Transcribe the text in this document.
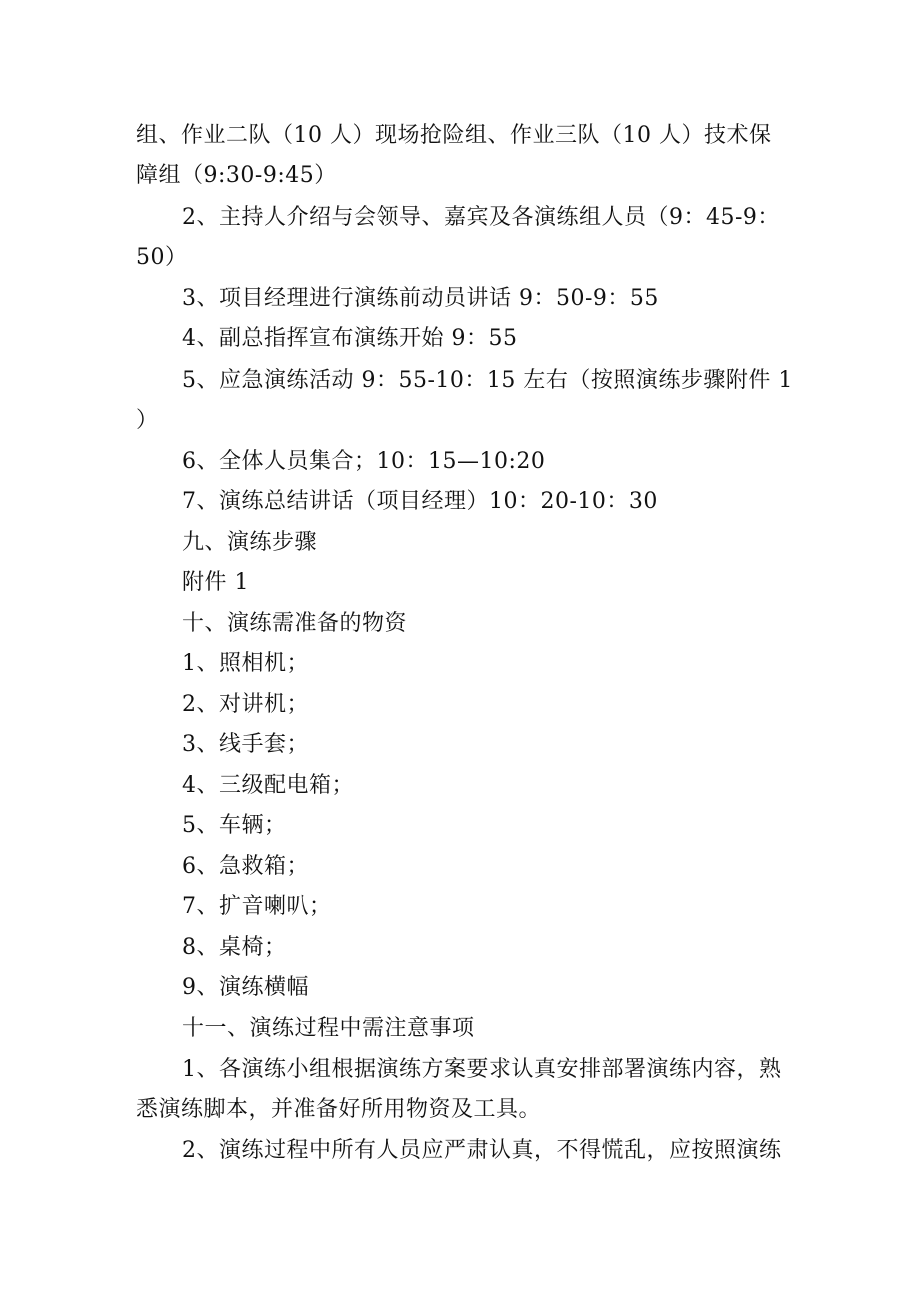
组、作业二队（10 人）现场抢险组、作业三队（10 人）技术保
障组（9:30-9:45）
2、主持人介绍与会领导、嘉宾及各演练组人员（9：45-9：
50）
3、项目经理进行演练前动员讲话 9：50-9：55
4、副总指挥宣布演练开始 9：55
5、应急演练活动 9：55-10：15 左右（按照演练步骤附件 1
）
6、全体人员集合；10：15—10:20
7、演练总结讲话（项目经理）10：20-10：30
九、演练步骤
附件 1
十、演练需准备的物资
1、照相机；
2、对讲机；
3、线手套；
4、三级配电箱；
5、车辆；
6、急救箱；
7、扩音喇叭；
8、桌椅；
9、演练横幅
十一、演练过程中需注意事项
1、各演练小组根据演练方案要求认真安排部署演练内容，熟
悉演练脚本，并准备好所用物资及工具。
2、演练过程中所有人员应严肃认真，不得慌乱，应按照演练
